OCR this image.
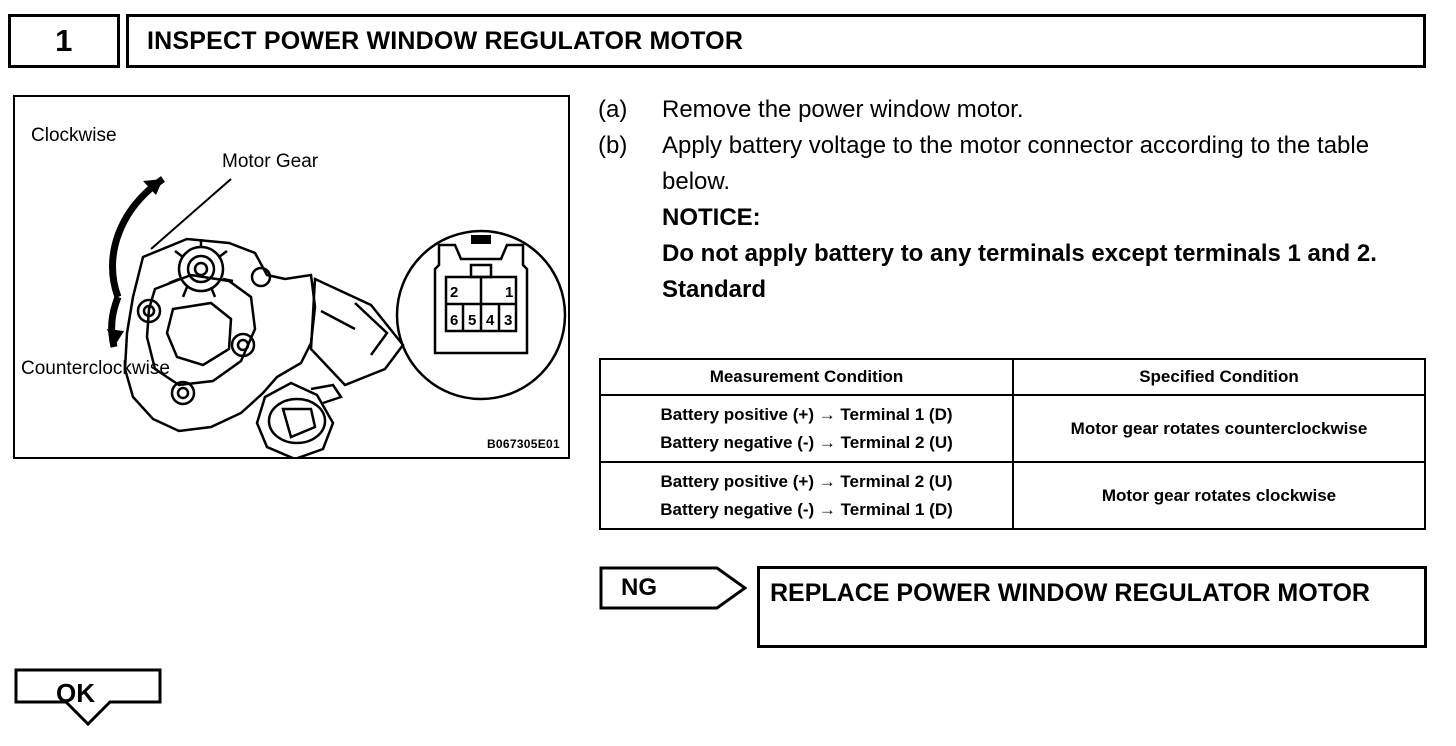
1	INSPECT POWER WINDOW REGULATOR MOTOR
2	1
6 5 4 3
Clockwise
Counterclockwise
Motor Gear
B067305E01
(a)	Remove the power window motor.
(b)	Apply battery voltage to the motor connector according to the table below.
NOTICE:
Do not apply battery to any terminals except terminals 1 and 2.
Standard
Measurement Condition	Specified Condition

Battery positive (+) → Terminal 1 (D)
Battery negative (-) → Terminal 2 (U)	Motor gear rotates counterclockwise

Battery positive (+) → Terminal 2 (U)
Battery negative (-) → Terminal 1 (D)	Motor gear rotates clockwise
NG	REPLACE POWER WINDOW REGULATOR MOTOR
OK
